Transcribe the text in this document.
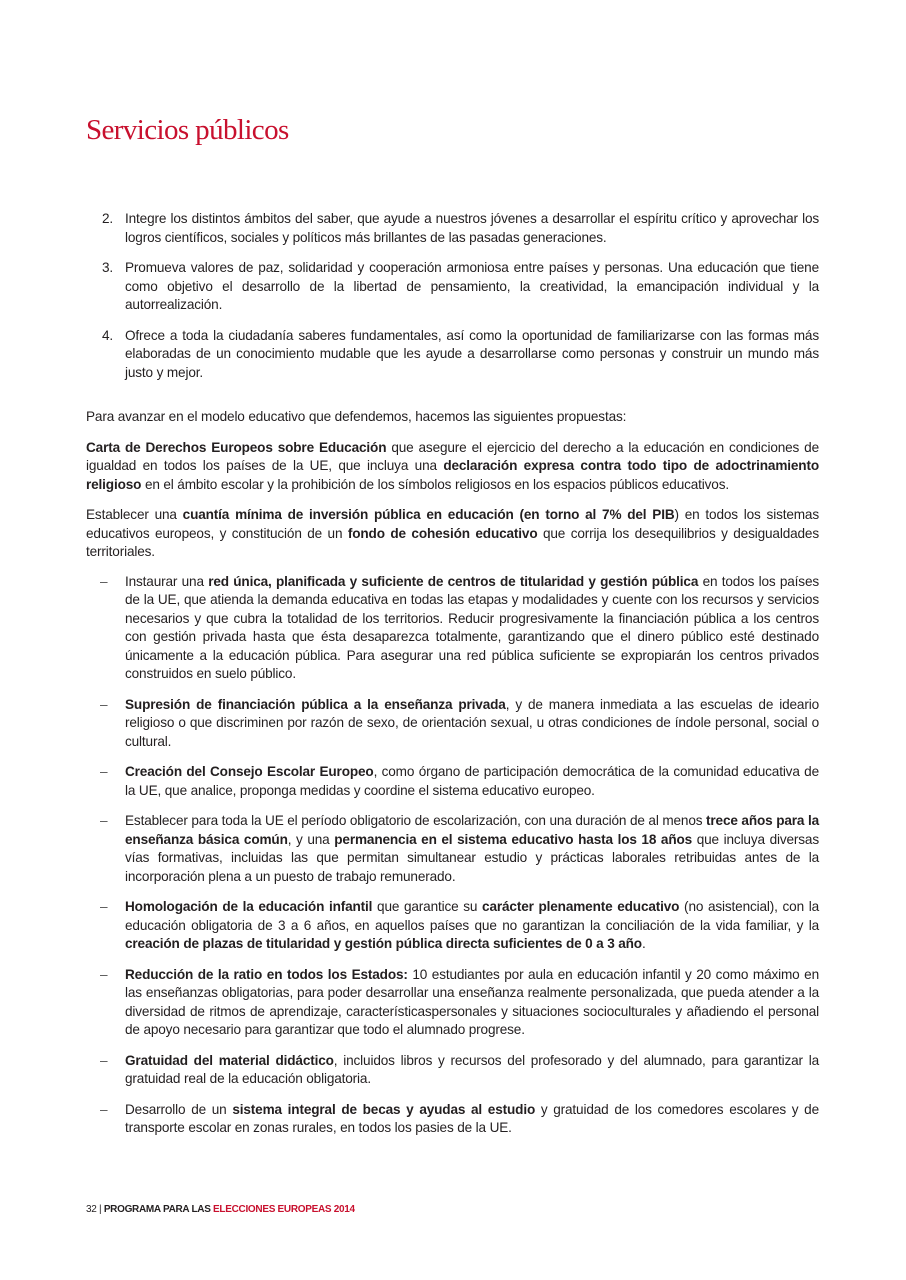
Servicios públicos
2. Integre los distintos ámbitos del saber, que ayude a nuestros jóvenes a desarrollar el espíritu crítico y aprovechar los logros científicos, sociales y políticos más brillantes de las pasadas generaciones.
3. Promueva valores de paz, solidaridad y cooperación armoniosa entre países y personas. Una educación que tiene como objetivo el desarrollo de la libertad de pensamiento, la creatividad, la emancipación individual y la autorrealización.
4. Ofrece a toda la ciudadanía saberes fundamentales, así como la oportunidad de familiarizarse con las formas más elaboradas de un conocimiento mudable que les ayude a desarrollarse como personas y construir un mundo más justo y mejor.

Para avanzar en el modelo educativo que defendemos, hacemos las siguientes propuestas:

Carta de Derechos Europeos sobre Educación que asegure el ejercicio del derecho a la educación en condiciones de igualdad en todos los países de la UE, que incluya una declaración expresa contra todo tipo de adoctrinamiento religioso en el ámbito escolar y la prohibición de los símbolos religiosos en los espacios públicos educativos.

Establecer una cuantía mínima de inversión pública en educación (en torno al 7% del PIB) en todos los sistemas educativos europeos, y constitución de un fondo de cohesión educativo que corrija los desequilibrios y desigualdades territoriales.

– Instaurar una red única, planificada y suficiente de centros de titularidad y gestión pública en todos los países de la UE, que atienda la demanda educativa en todas las etapas y modalidades y cuente con los recursos y servicios necesarios y que cubra la totalidad de los territorios. Reducir progresivamente la financiación pública a los centros con gestión privada hasta que ésta desaparezca totalmente, garantizando que el dinero público esté destinado únicamente a la educación pública. Para asegurar una red pública suficiente se expropiarán los centros privados construidos en suelo público.
– Supresión de financiación pública a la enseñanza privada, y de manera inmediata a las escuelas de ideario religioso o que discriminen por razón de sexo, de orientación sexual, u otras condiciones de índole personal, social o cultural.
– Creación del Consejo Escolar Europeo, como órgano de participación democrática de la comunidad educativa de la UE, que analice, proponga medidas y coordine el sistema educativo europeo.
– Establecer para toda la UE el período obligatorio de escolarización, con una duración de al menos trece años para la enseñanza básica común, y una permanencia en el sistema educativo hasta los 18 años que incluya diversas vías formativas, incluidas las que permitan simultanear estudio y prácticas laborales retribuidas antes de la incorporación plena a un puesto de trabajo remunerado.
– Homologación de la educación infantil que garantice su carácter plenamente educativo (no asistencial), con la educación obligatoria de 3 a 6 años, en aquellos países que no garantizan la conciliación de la vida familiar, y la creación de plazas de titularidad y gestión pública directa suficientes de 0 a 3 año.
– Reducción de la ratio en todos los Estados: 10 estudiantes por aula en educación infantil y 20 como máximo en las enseñanzas obligatorias, para poder desarrollar una enseñanza realmente personalizada, que pueda atender a la diversidad de ritmos de aprendizaje, característicaspersonales y situaciones socioculturales y añadiendo el personal de apoyo necesario para garantizar que todo el alumnado progrese.
– Gratuidad del material didáctico, incluidos libros y recursos del profesorado y del alumnado, para garantizar la gratuidad real de la educación obligatoria.
– Desarrollo de un sistema integral de becas y ayudas al estudio y gratuidad de los comedores escolares y de transporte escolar en zonas rurales, en todos los pasies de la UE.
32 | PROGRAMA PARA LAS ELECCIONES EUROPEAS 2014
